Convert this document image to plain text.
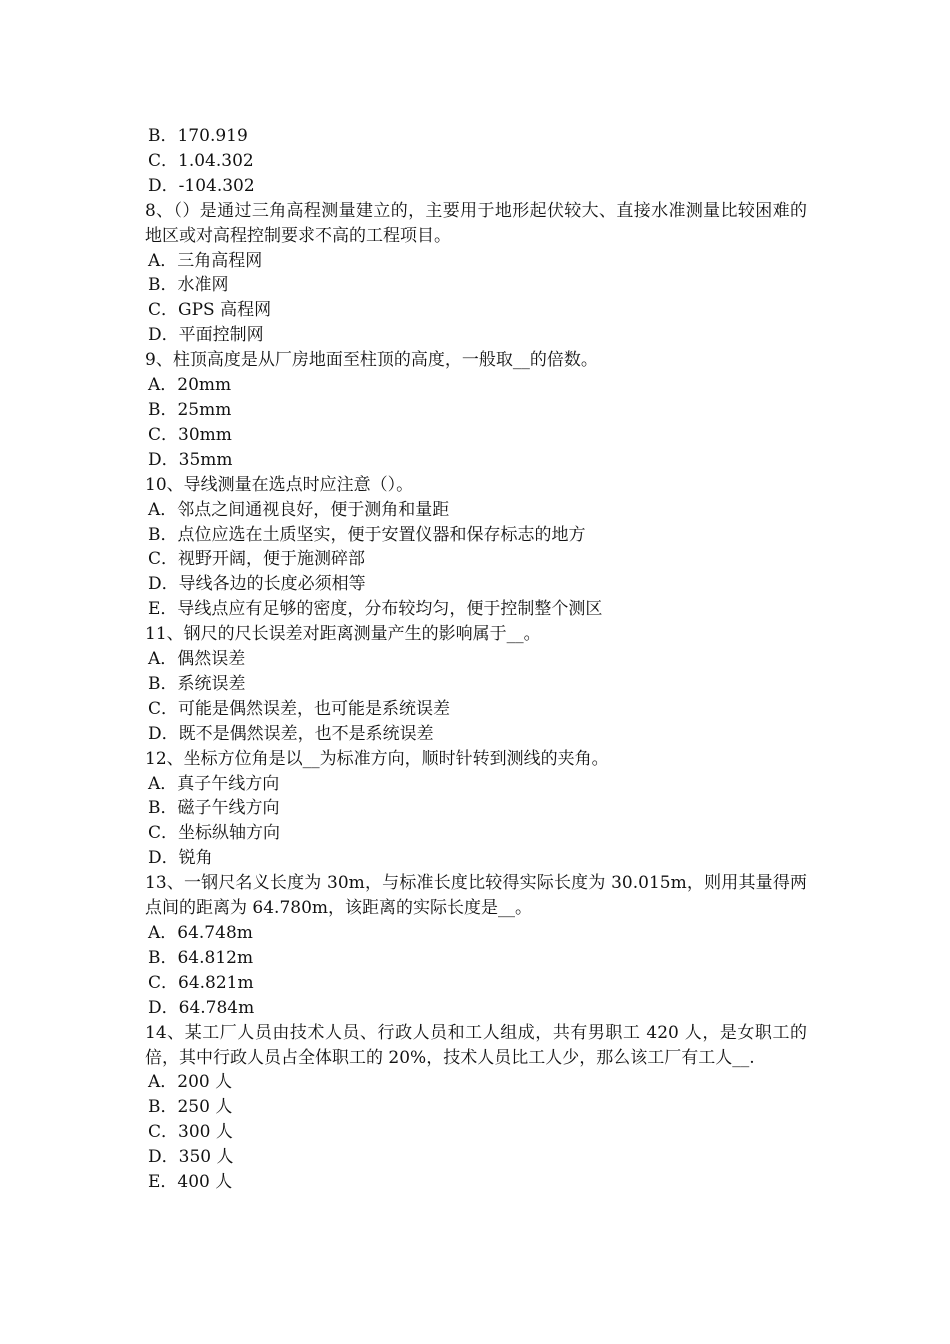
B．170.919
C．1.04.302
D．-104.302
8、（）是通过三角高程测量建立的，主要用于地形起伏较大、直接水准测量比较困难的地区或对高程控制要求不高的工程项目。
A．三角高程网
B．水准网
C．GPS 高程网
D．平面控制网
9、柱顶高度是从厂房地面至柱顶的高度，一般取__的倍数。
A．20mm
B．25mm
C．30mm
D．35mm
10、导线测量在选点时应注意（）。
A．邻点之间通视良好，便于测角和量距
B．点位应选在土质坚实，便于安置仪器和保存标志的地方
C．视野开阔，便于施测碎部
D．导线各边的长度必须相等
E．导线点应有足够的密度，分布较均匀，便于控制整个测区
11、钢尺的尺长误差对距离测量产生的影响属于__。
A．偶然误差
B．系统误差
C．可能是偶然误差，也可能是系统误差
D．既不是偶然误差，也不是系统误差
12、坐标方位角是以__为标准方向，顺时针转到测线的夹角。
A．真子午线方向
B．磁子午线方向
C．坐标纵轴方向
D．锐角
13、一钢尺名义长度为 30m，与标准长度比较得实际长度为 30.015m，则用其量得两点间的距离为 64.780m，该距离的实际长度是__。
A．64.748m
B．64.812m
C．64.821m
D．64.784m
14、某工厂人员由技术人员、行政人员和工人组成，共有男职工 420 人，是女职工的倍，其中行政人员占全体职工的 20%，技术人员比工人少，那么该工厂有工人__.
A．200 人
B．250 人
C．300 人
D．350 人
E．400 人
